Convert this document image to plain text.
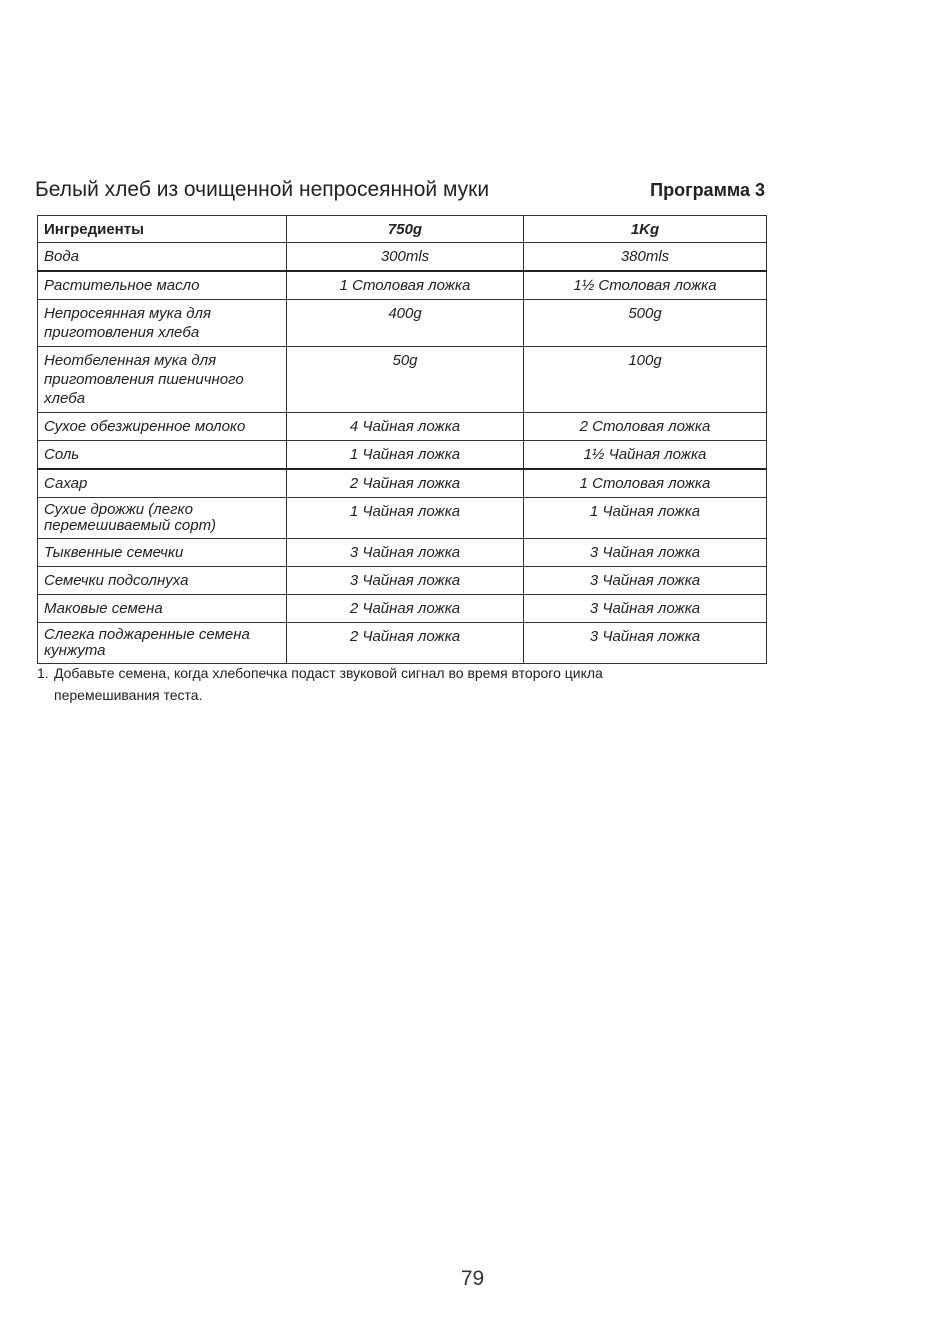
Белый хлеб из очищенной непросеянной муки	Программа 3
Ингредиенты	750g	1Kg
Вода	300mls	380mls
Растительное масло	1 Столовая ложка	1½ Столовая ложка
Непросеянная мука для приготовления хлеба	400g	500g
Неотбеленная мука для приготовления пшеничного хлеба	50g	100g
Сухое обезжиренное молоко	4 Чайная ложка	2 Столовая ложка
Соль	1 Чайная ложка	1½ Чайная ложка
Сахар	2 Чайная ложка	1 Столовая ложка
Сухие дрожжи (легко перемешиваемый сорт)	1 Чайная ложка	1 Чайная ложка
Тыквенные семечки	3 Чайная ложка	3 Чайная ложка
Семечки подсолнуха	3 Чайная ложка	3 Чайная ложка
Маковые семена	2 Чайная ложка	3 Чайная ложка
Слегка поджаренные семена кунжута	2 Чайная ложка	3 Чайная ложка
1. Добавьте семена, когда хлебопечка подаст звуковой сигнал во время второго цикла
перемешивания теста.
79
